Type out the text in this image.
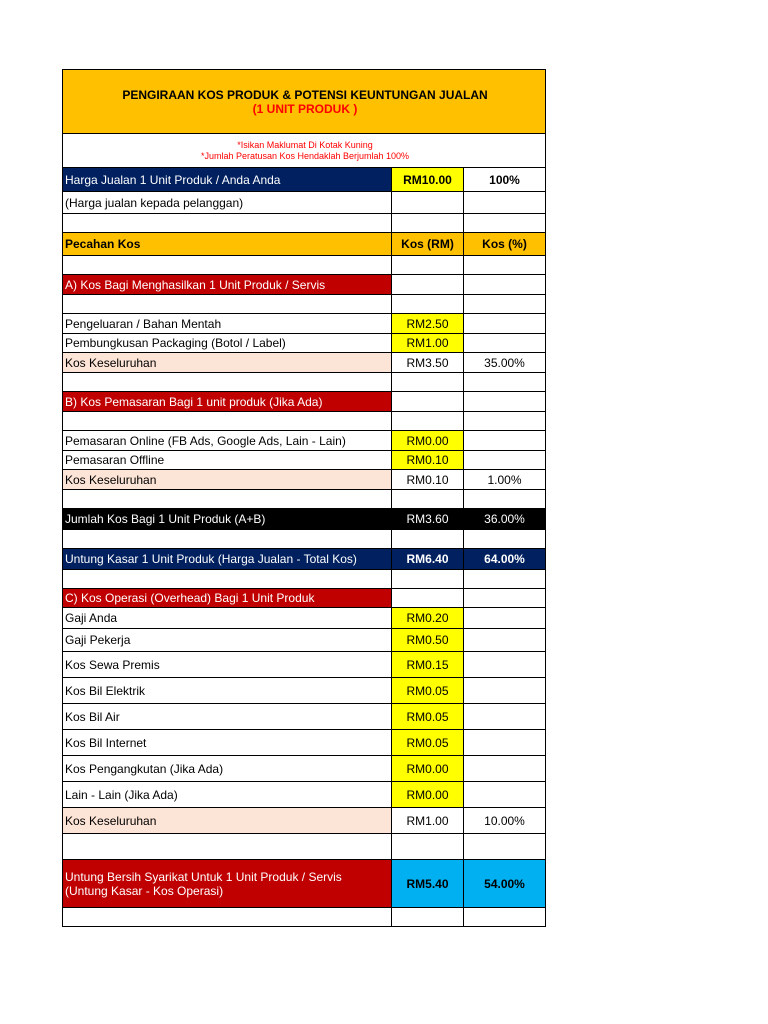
PENGIRAAN KOS PRODUK & POTENSI KEUNTUNGAN JUALAN
(1 UNIT PRODUK )		

*Isikan Maklumat Di Kotak Kuning
*Jumlah Peratusan Kos Hendaklah Berjumlah 100%		

Harga Jualan 1 Unit Produk / Anda Anda	RM10.00	100%
(Harga jualan kepada pelanggan)		

Pecahan Kos	Kos (RM)	Kos (%)

A) Kos Bagi Menghasilkan 1 Unit Produk / Servis		

Pengeluaran / Bahan Mentah	RM2.50	
Pembungkusan Packaging (Botol / Label)	RM1.00	
Kos Keseluruhan	RM3.50	35.00%

B) Kos Pemasaran Bagi 1 unit produk (Jika Ada)		

Pemasaran Online (FB Ads, Google Ads, Lain - Lain)	RM0.00	
Pemasaran Offline	RM0.10	
Kos Keseluruhan	RM0.10	1.00%

Jumlah Kos Bagi 1 Unit Produk (A+B)	RM3.60	36.00%

Untung Kasar 1 Unit Produk (Harga Jualan - Total Kos)	RM6.40	64.00%

C) Kos Operasi (Overhead) Bagi 1 Unit Produk		
Gaji Anda	RM0.20	
Gaji Pekerja	RM0.50	
Kos Sewa Premis	RM0.15	
Kos Bil Elektrik	RM0.05	
Kos Bil Air	RM0.05	
Kos Bil Internet	RM0.05	
Kos Pengangkutan (Jika Ada)	RM0.00	
Lain - Lain (Jika Ada)	RM0.00	
Kos Keseluruhan	RM1.00	10.00%

Untung Bersih Syarikat Untuk 1 Unit Produk / Servis
(Untung Kasar - Kos Operasi)	RM5.40	54.00%
